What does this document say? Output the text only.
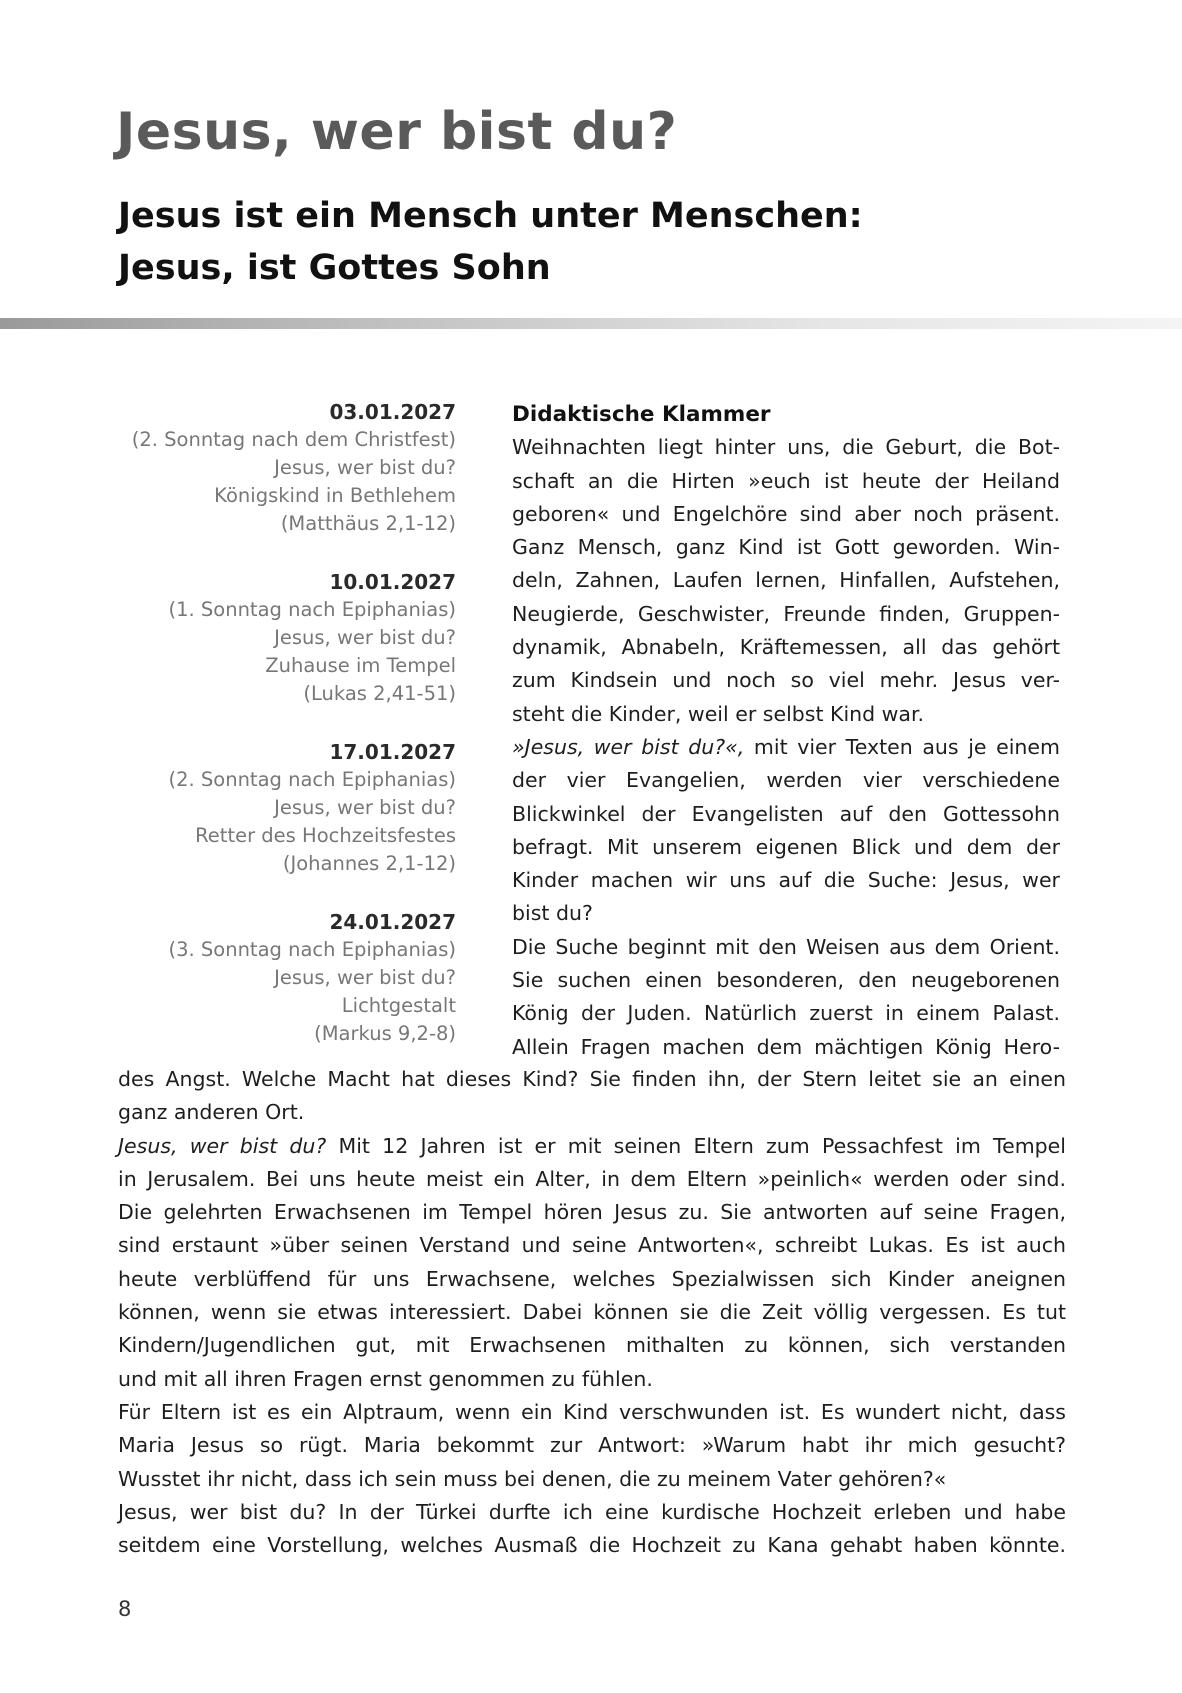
Jesus, wer bist du?
Jesus ist ein Mensch unter Menschen:
Jesus, ist Gottes Sohn
03.01.2027
(2. Sonntag nach dem Christfest)
Jesus, wer bist du?
Königskind in Bethlehem
(Matthäus 2,1-12)
10.01.2027
(1. Sonntag nach Epiphanias)
Jesus, wer bist du?
Zuhause im Tempel
(Lukas 2,41-51)
17.01.2027
(2. Sonntag nach Epiphanias)
Jesus, wer bist du?
Retter des Hochzeitsfestes
(Johannes 2,1-12)
24.01.2027
(3. Sonntag nach Epiphanias)
Jesus, wer bist du?
Lichtgestalt
(Markus 9,2-8)
Didaktische Klammer
Weihnachten liegt hinter uns, die Geburt, die Bot-
schaft an die Hirten »euch ist heute der Heiland
geboren« und Engelchöre sind aber noch präsent.
Ganz Mensch, ganz Kind ist Gott geworden. Win-
deln, Zahnen, Laufen lernen, Hinfallen, Aufstehen,
Neugierde, Geschwister, Freunde finden, Gruppen-
dynamik, Abnabeln, Kräftemessen, all das gehört
zum Kindsein und noch so viel mehr. Jesus ver-
steht die Kinder, weil er selbst Kind war.
»Jesus, wer bist du?«, mit vier Texten aus je einem
der vier Evangelien, werden vier verschiedene
Blickwinkel der Evangelisten auf den Gottessohn
befragt. Mit unserem eigenen Blick und dem der
Kinder machen wir uns auf die Suche: Jesus, wer
bist du?
Die Suche beginnt mit den Weisen aus dem Orient.
Sie suchen einen besonderen, den neugeborenen
König der Juden. Natürlich zuerst in einem Palast.
Allein Fragen machen dem mächtigen König Hero-
des Angst. Welche Macht hat dieses Kind? Sie finden ihn, der Stern leitet sie an einen
ganz anderen Ort.
Jesus, wer bist du? Mit 12 Jahren ist er mit seinen Eltern zum Pessachfest im Tempel
in Jerusalem. Bei uns heute meist ein Alter, in dem Eltern »peinlich« werden oder sind.
Die gelehrten Erwachsenen im Tempel hören Jesus zu. Sie antworten auf seine Fragen,
sind erstaunt »über seinen Verstand und seine Antworten«, schreibt Lukas. Es ist auch
heute verblüffend für uns Erwachsene, welches Spezialwissen sich Kinder aneignen
können, wenn sie etwas interessiert. Dabei können sie die Zeit völlig vergessen. Es tut
Kindern/Jugendlichen gut, mit Erwachsenen mithalten zu können, sich verstanden
und mit all ihren Fragen ernst genommen zu fühlen.
Für Eltern ist es ein Alptraum, wenn ein Kind verschwunden ist. Es wundert nicht, dass
Maria Jesus so rügt. Maria bekommt zur Antwort: »Warum habt ihr mich gesucht?
Wusstet ihr nicht, dass ich sein muss bei denen, die zu meinem Vater gehören?«
Jesus, wer bist du? In der Türkei durfte ich eine kurdische Hochzeit erleben und habe
seitdem eine Vorstellung, welches Ausmaß die Hochzeit zu Kana gehabt haben könnte.
8
